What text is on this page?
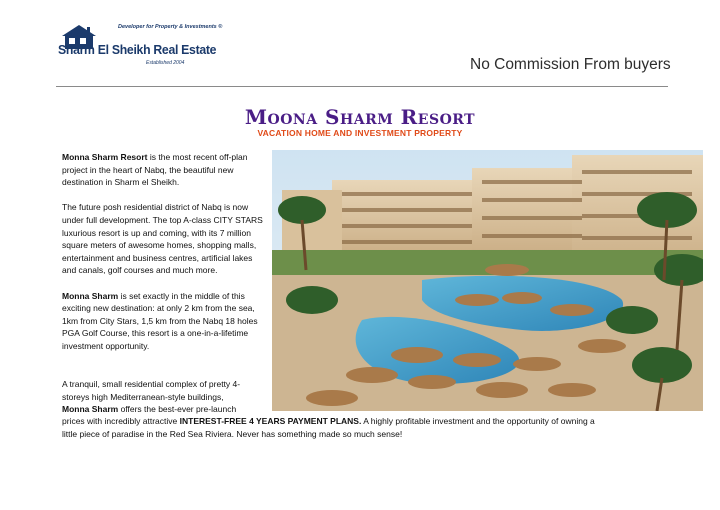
Developer for Property & Investments ®
Sharm El Sheikh Real Estate
Established 2004	No Commission From buyers
Moona Sharm Resort
VACATION HOME AND INVESTMENT PROPERTY

Monna Sharm Resort is the most recent off-plan project in the heart of Nabq, the beautiful new destination in Sharm el Sheikh.

The future posh residential district of Nabq is now under full development. The top A-class CITY STARS luxurious resort is up and coming, with its 7 million square meters of awesome homes, shopping malls, entertainment and business centres, artificial lakes and canals, golf courses and much more.

Monna Sharm is set exactly in the middle of this exciting new destination: at only 2 km from the sea, 1km from City Stars, 1,5 km from the Nabq 18 holes PGA Golf Course, this resort is a one-in-a-lifetime investment opportunity.

A tranquil, small residential complex of pretty 4-
storeys high Mediterranean-style buildings,
Monna Sharm offers the best-ever pre-launch
prices with incredibly attractive INTEREST-FREE 4 YEARS PAYMENT PLANS. A highly profitable investment and the opportunity of owning a
little piece of paradise in the Red Sea Riviera. Never has something made so much sense!
